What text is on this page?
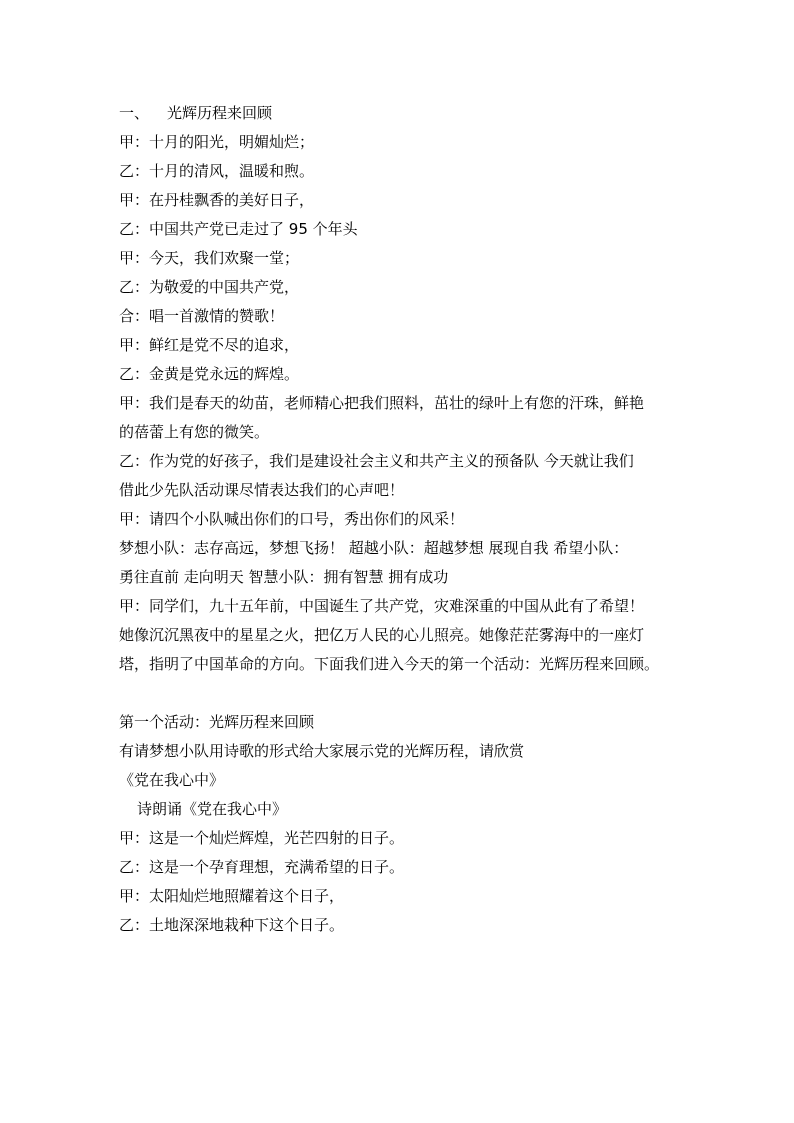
一、 光辉历程来回顾
甲：十月的阳光，明媚灿烂；
乙：十月的清风，温暖和煦。
甲：在丹桂飘香的美好日子，
乙：中国共产党已走过了 95 个年头
甲：今天，我们欢聚一堂；
乙：为敬爱的中国共产党，
合：唱一首激情的赞歌！
甲：鲜红是党不尽的追求，
乙：金黄是党永远的辉煌。
甲：我们是春天的幼苗，老师精心把我们照料，茁壮的绿叶上有您的汗珠，鲜艳
的蓓蕾上有您的微笑。
乙：作为党的好孩子，我们是建设社会主义和共产主义的预备队 今天就让我们
借此少先队活动课尽情表达我们的心声吧！
甲：请四个小队喊出你们的口号，秀出你们的风采！
梦想小队：志存高远，梦想飞扬！ 超越小队：超越梦想 展现自我 希望小队：
勇往直前 走向明天 智慧小队：拥有智慧 拥有成功
甲：同学们，九十五年前，中国诞生了共产党，灾难深重的中国从此有了希望！
她像沉沉黑夜中的星星之火，把亿万人民的心儿照亮。她像茫茫雾海中的一座灯
塔，指明了中国革命的方向。下面我们进入今天的第一个活动：光辉历程来回顾。
第一个活动：光辉历程来回顾
有请梦想小队用诗歌的形式给大家展示党的光辉历程，请欣赏
《党在我心中》
诗朗诵《党在我心中》
甲：这是一个灿烂辉煌，光芒四射的日子。
乙：这是一个孕育理想，充满希望的日子。
甲：太阳灿烂地照耀着这个日子，
乙：土地深深地栽种下这个日子。
